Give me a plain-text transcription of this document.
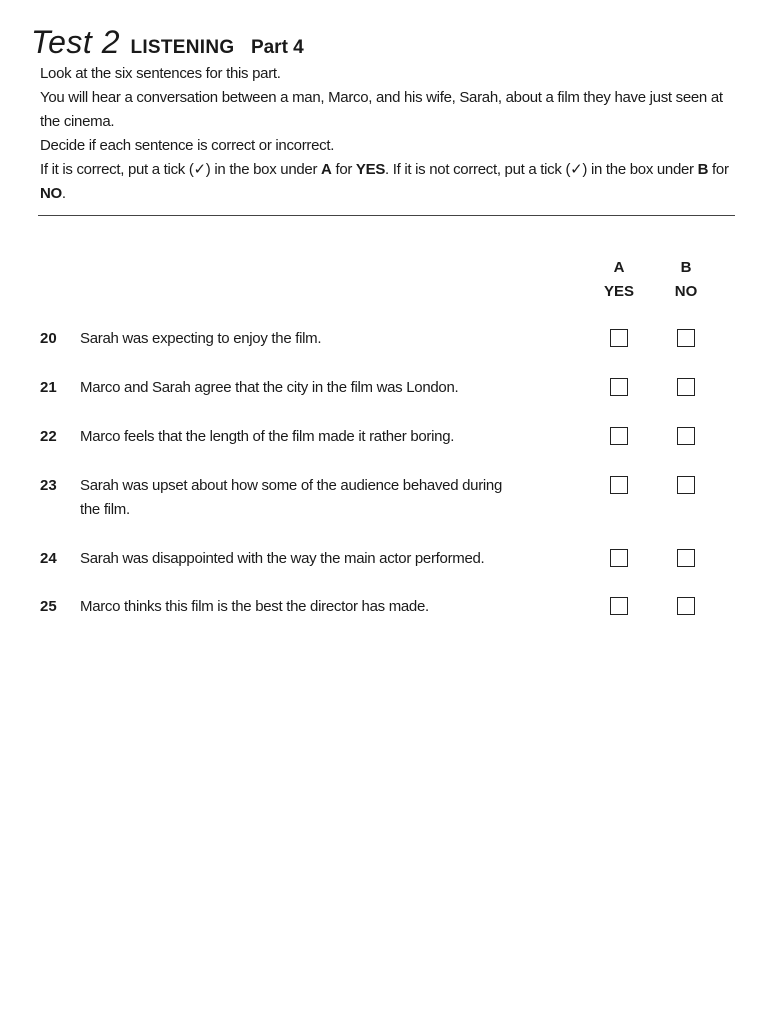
Test 2 LISTENING Part 4

Look at the six sentences for this part.

You will hear a conversation between a man, Marco, and his wife, Sarah, about a film they have just seen at the cinema.

Decide if each sentence is correct or incorrect.

If it is correct, put a tick (✓) in the box under A for YES. If it is not correct, put a tick (✓) in the box under B for NO.

A
YES
B
NO
20 Sarah was expecting to enjoy the film.
21 Marco and Sarah agree that the city in the film was London.
22 Marco feels that the length of the film made it rather boring.
23 Sarah was upset about how some of the audience behaved during the film.
24 Sarah was disappointed with the way the main actor performed.
25 Marco thinks this film is the best the director has made.
